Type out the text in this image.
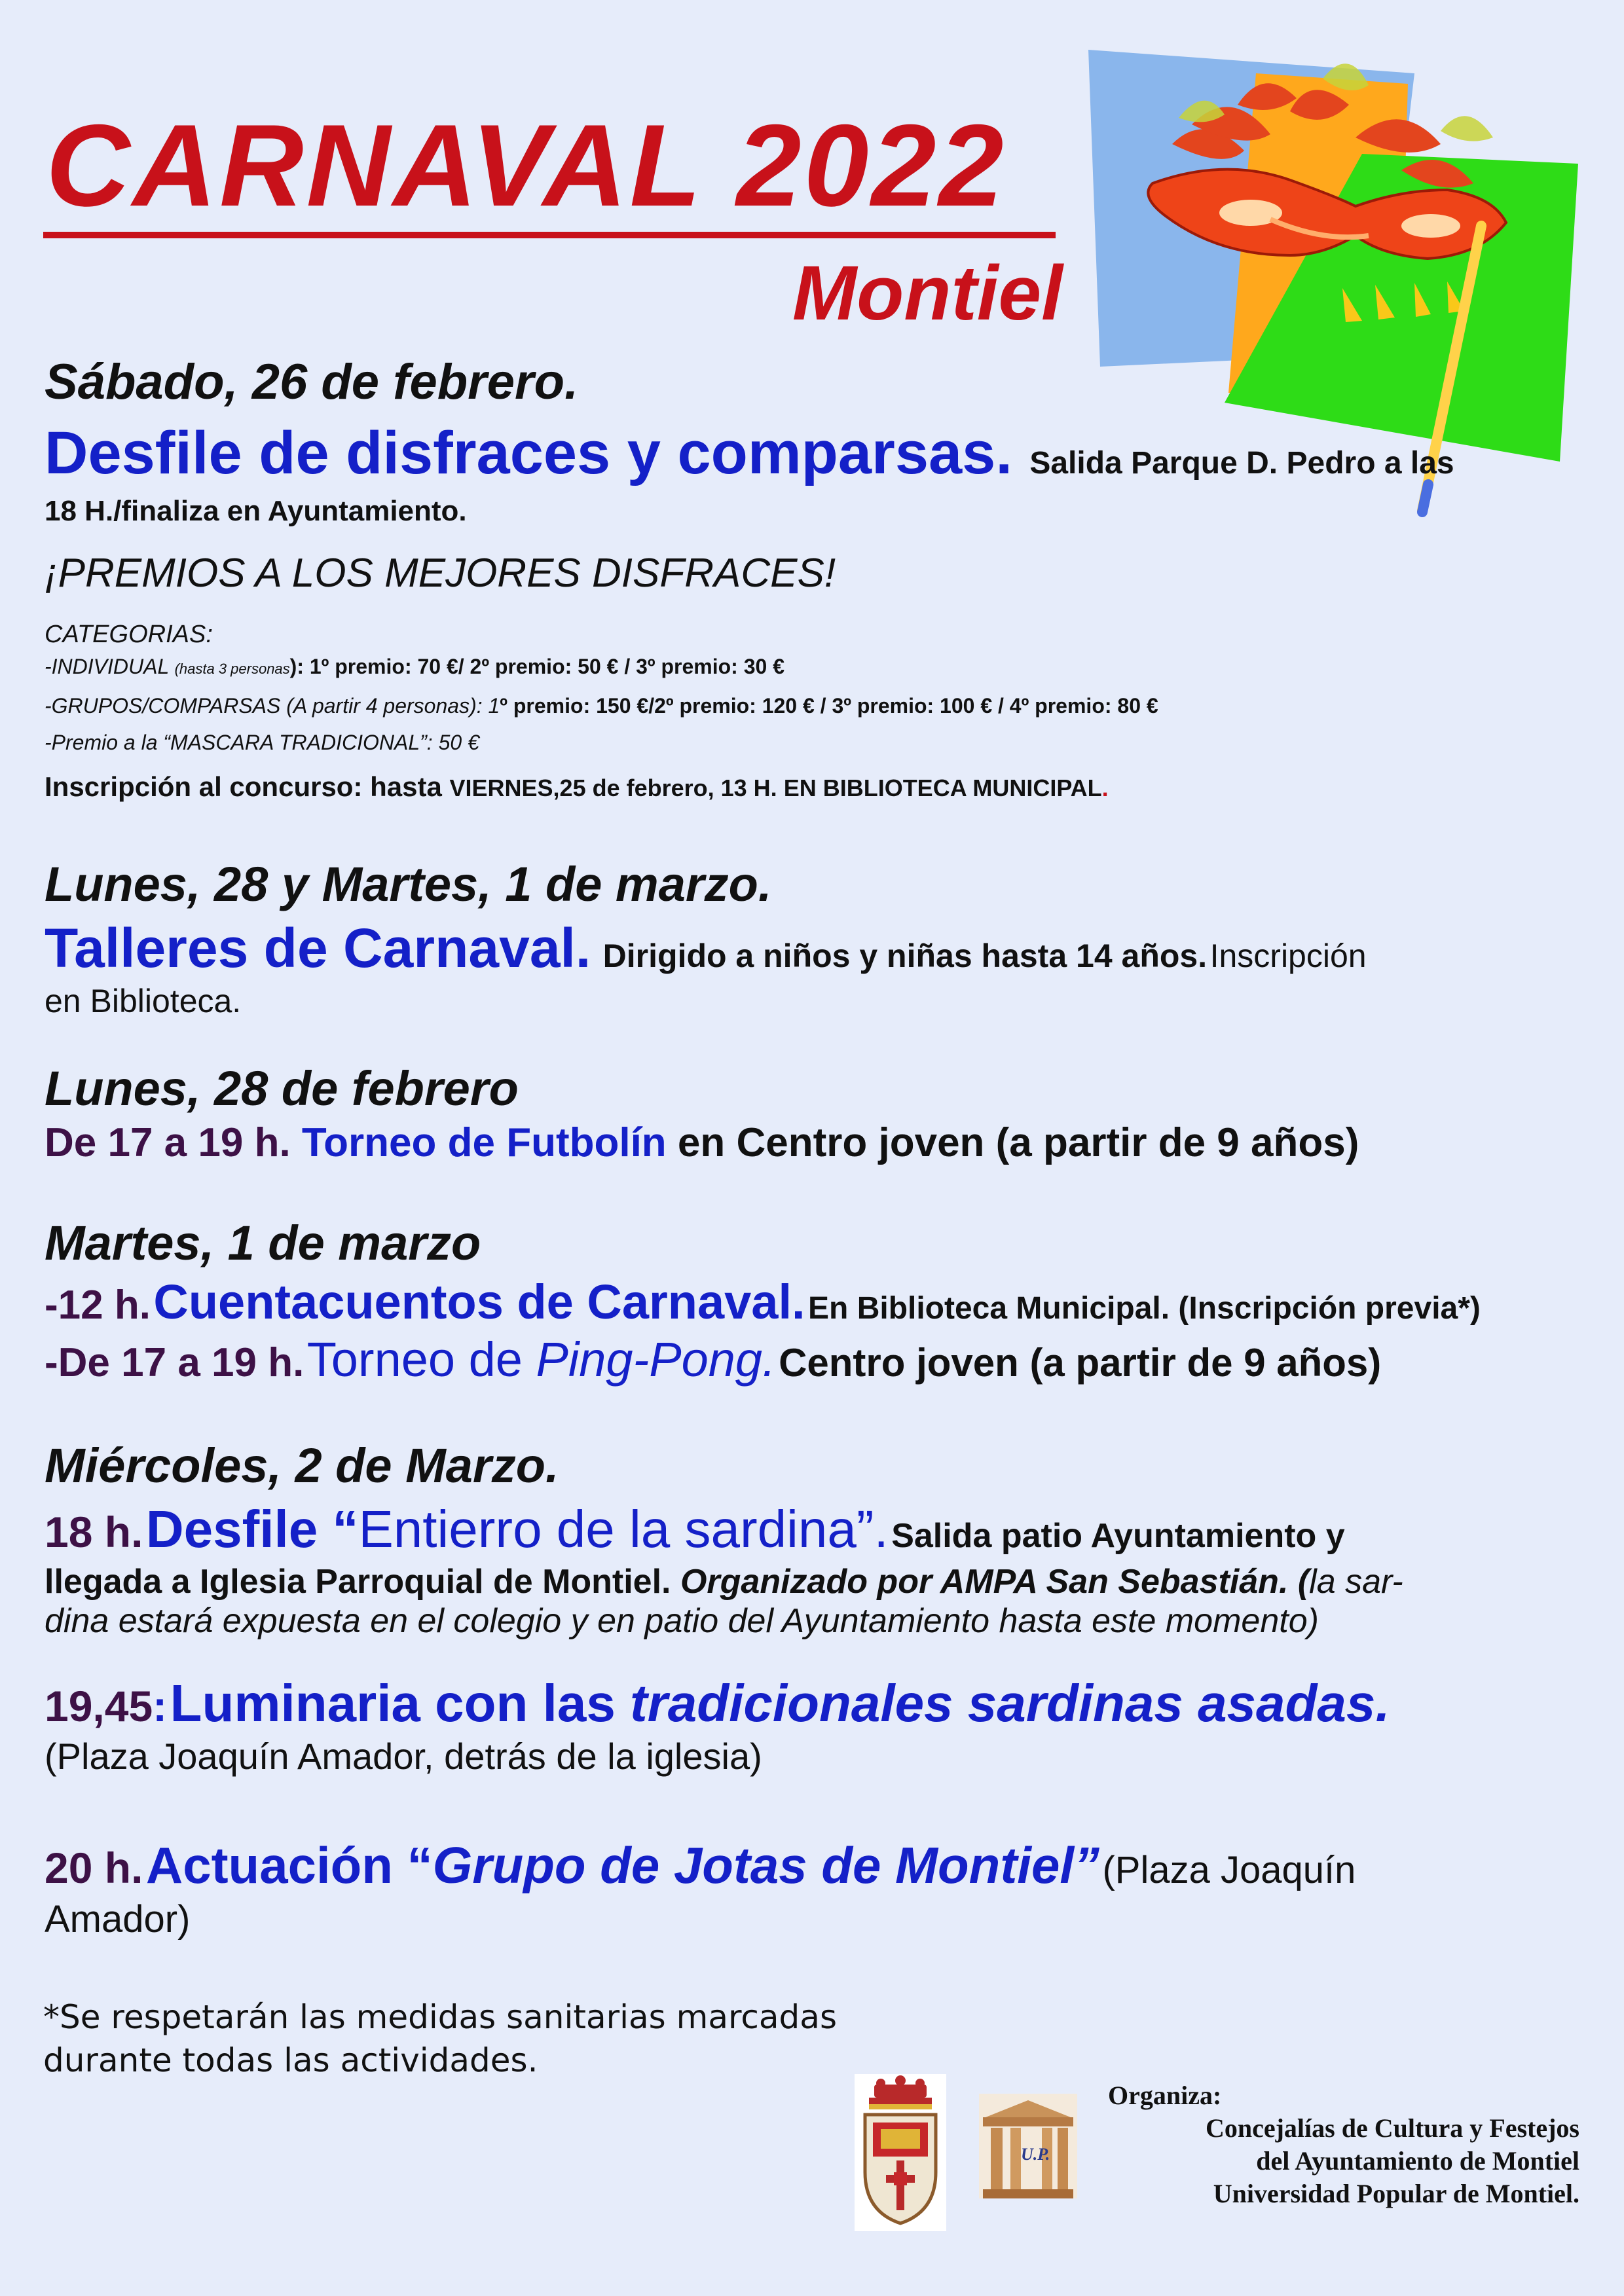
CARNAVAL 2022
Montiel
Sábado, 26 de febrero.
Desfile de disfraces y comparsas. Salida Parque D. Pedro a las
18 H./finaliza en Ayuntamiento.
¡PREMIOS A LOS MEJORES DISFRACES!
CATEGORIAS:
-INDIVIDUAL (hasta 3 personas): 1º premio: 70 €/ 2º premio: 50 € / 3º premio: 30 €
-GRUPOS/COMPARSAS (A partir 4 personas): 1º premio: 150 €/2º premio: 120 € / 3º premio: 100 € / 4º premio: 80 €
-Premio a la “MASCARA TRADICIONAL”: 50 €
Inscripción al concurso: hasta VIERNES,25 de febrero, 13 H. EN BIBLIOTECA MUNICIPAL.
Lunes, 28 y Martes, 1 de marzo.
Talleres de Carnaval. Dirigido a niños y niñas hasta 14 años. Inscripción
en Biblioteca.
Lunes, 28 de febrero
De 17 a 19 h. Torneo de Futbolín en Centro joven (a partir de 9 años)
Martes, 1 de marzo
-12 h. Cuentacuentos de Carnaval. En Biblioteca Municipal. (Inscripción previa*)
-De 17 a 19 h. Torneo de Ping-Pong. Centro joven (a partir de 9 años)
Miércoles, 2 de Marzo.
18 h. Desfile “Entierro de la sardina”. Salida patio Ayuntamiento y
llegada a Iglesia Parroquial de Montiel. Organizado por AMPA San Sebastián. (la sar-
dina estará expuesta en el colegio y en patio del Ayuntamiento hasta este momento)
19,45: Luminaria con las tradicionales sardinas asadas.
(Plaza Joaquín Amador, detrás de la iglesia)
20 h. Actuación “Grupo de Jotas de Montiel” (Plaza Joaquín
Amador)
*Se respetarán las medidas sanitarias marcadas
durante todas las actividades.
U.P.
Organiza:
Concejalías de Cultura y Festejos
del Ayuntamiento de Montiel
Universidad Popular de Montiel.
